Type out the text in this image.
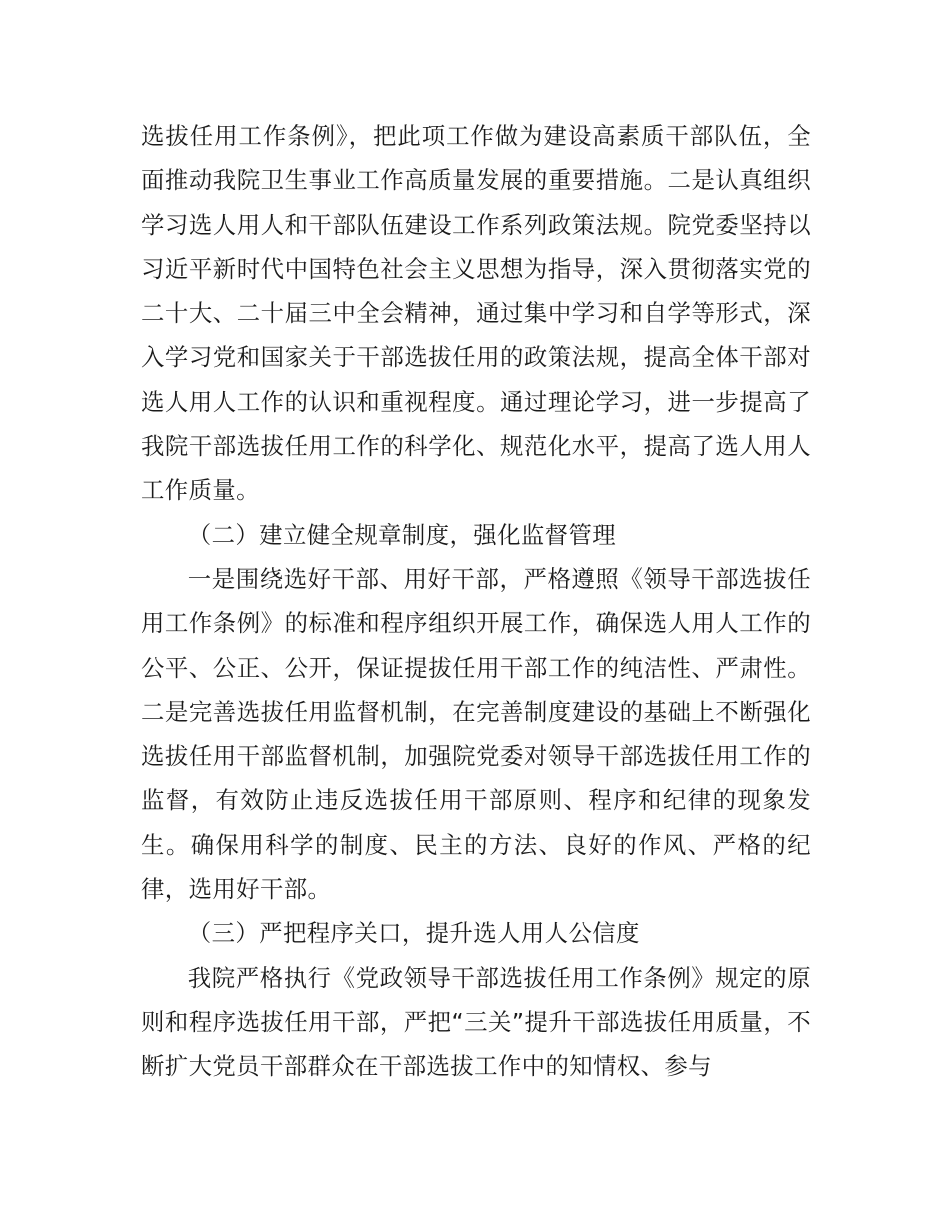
选拔任用工作条例》，把此项工作做为建设高素质干部队伍，全面推动我院卫生事业工作高质量发展的重要措施。二是认真组织学习选人用人和干部队伍建设工作系列政策法规。院党委坚持以习近平新时代中国特色社会主义思想为指导，深入贯彻落实党的二十大、二十届三中全会精神，通过集中学习和自学等形式，深入学习党和国家关于干部选拔任用的政策法规，提高全体干部对选人用人工作的认识和重视程度。通过理论学习，进一步提高了我院干部选拔任用工作的科学化、规范化水平，提高了选人用人工作质量。

（二）建立健全规章制度，强化监督管理

一是围绕选好干部、用好干部，严格遵照《领导干部选拔任用工作条例》的标准和程序组织开展工作，确保选人用人工作的公平、公正、公开，保证提拔任用干部工作的纯洁性、严肃性。二是完善选拔任用监督机制，在完善制度建设的基础上不断强化选拔任用干部监督机制，加强院党委对领导干部选拔任用工作的监督，有效防止违反选拔任用干部原则、程序和纪律的现象发生。确保用科学的制度、民主的方法、良好的作风、严格的纪律，选用好干部。

（三）严把程序关口，提升选人用人公信度

我院严格执行《党政领导干部选拔任用工作条例》规定的原则和程序选拔任用干部，严把“三关”提升干部选拔任用质量，不断扩大党员干部群众在干部选拔工作中的知情权、参与
